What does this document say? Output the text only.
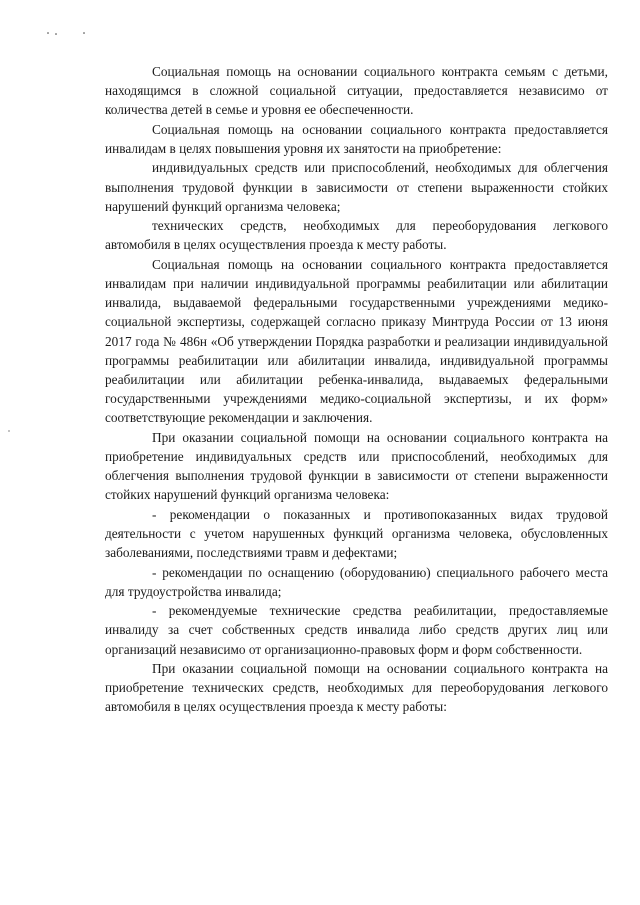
Социальная помощь на основании социального контракта семьям с детьми, находящимся в сложной социальной ситуации, предоставляется независимо от количества детей в семье и уровня ее обеспеченности.

Социальная помощь на основании социального контракта предоставляется инвалидам в целях повышения уровня их занятости на приобретение:

индивидуальных средств или приспособлений, необходимых для облегчения выполнения трудовой функции в зависимости от степени выраженности стойких нарушений функций организма человека;

технических средств, необходимых для переоборудования легкового автомобиля в целях осуществления проезда к месту работы.

Социальная помощь на основании социального контракта предоставляется инвалидам при наличии индивидуальной программы реабилитации или абилитации инвалида, выдаваемой федеральными государственными учреждениями медико-социальной экспертизы, содержащей согласно приказу Минтруда России от 13 июня 2017 года № 486н «Об утверждении Порядка разработки и реализации индивидуальной программы реабилитации или абилитации инвалида, индивидуальной программы реабилитации или абилитации ребенка-инвалида, выдаваемых федеральными государственными учреждениями медико-социальной экспертизы, и их форм» соответствующие рекомендации и заключения.

При оказании социальной помощи на основании социального контракта на приобретение индивидуальных средств или приспособлений, необходимых для облегчения выполнения трудовой функции в зависимости от степени выраженности стойких нарушений функций организма человека:

- рекомендации о показанных и противопоказанных видах трудовой деятельности с учетом нарушенных функций организма человека, обусловленных заболеваниями, последствиями травм и дефектами;

- рекомендации по оснащению (оборудованию) специального рабочего места для трудоустройства инвалида;

- рекомендуемые технические средства реабилитации, предоставляемые инвалиду за счет собственных средств инвалида либо средств других лиц или организаций независимо от организационно-правовых форм и форм собственности.

При оказании социальной помощи на основании социального контракта на приобретение технических средств, необходимых для переоборудования легкового автомобиля в целях осуществления проезда к месту работы:
